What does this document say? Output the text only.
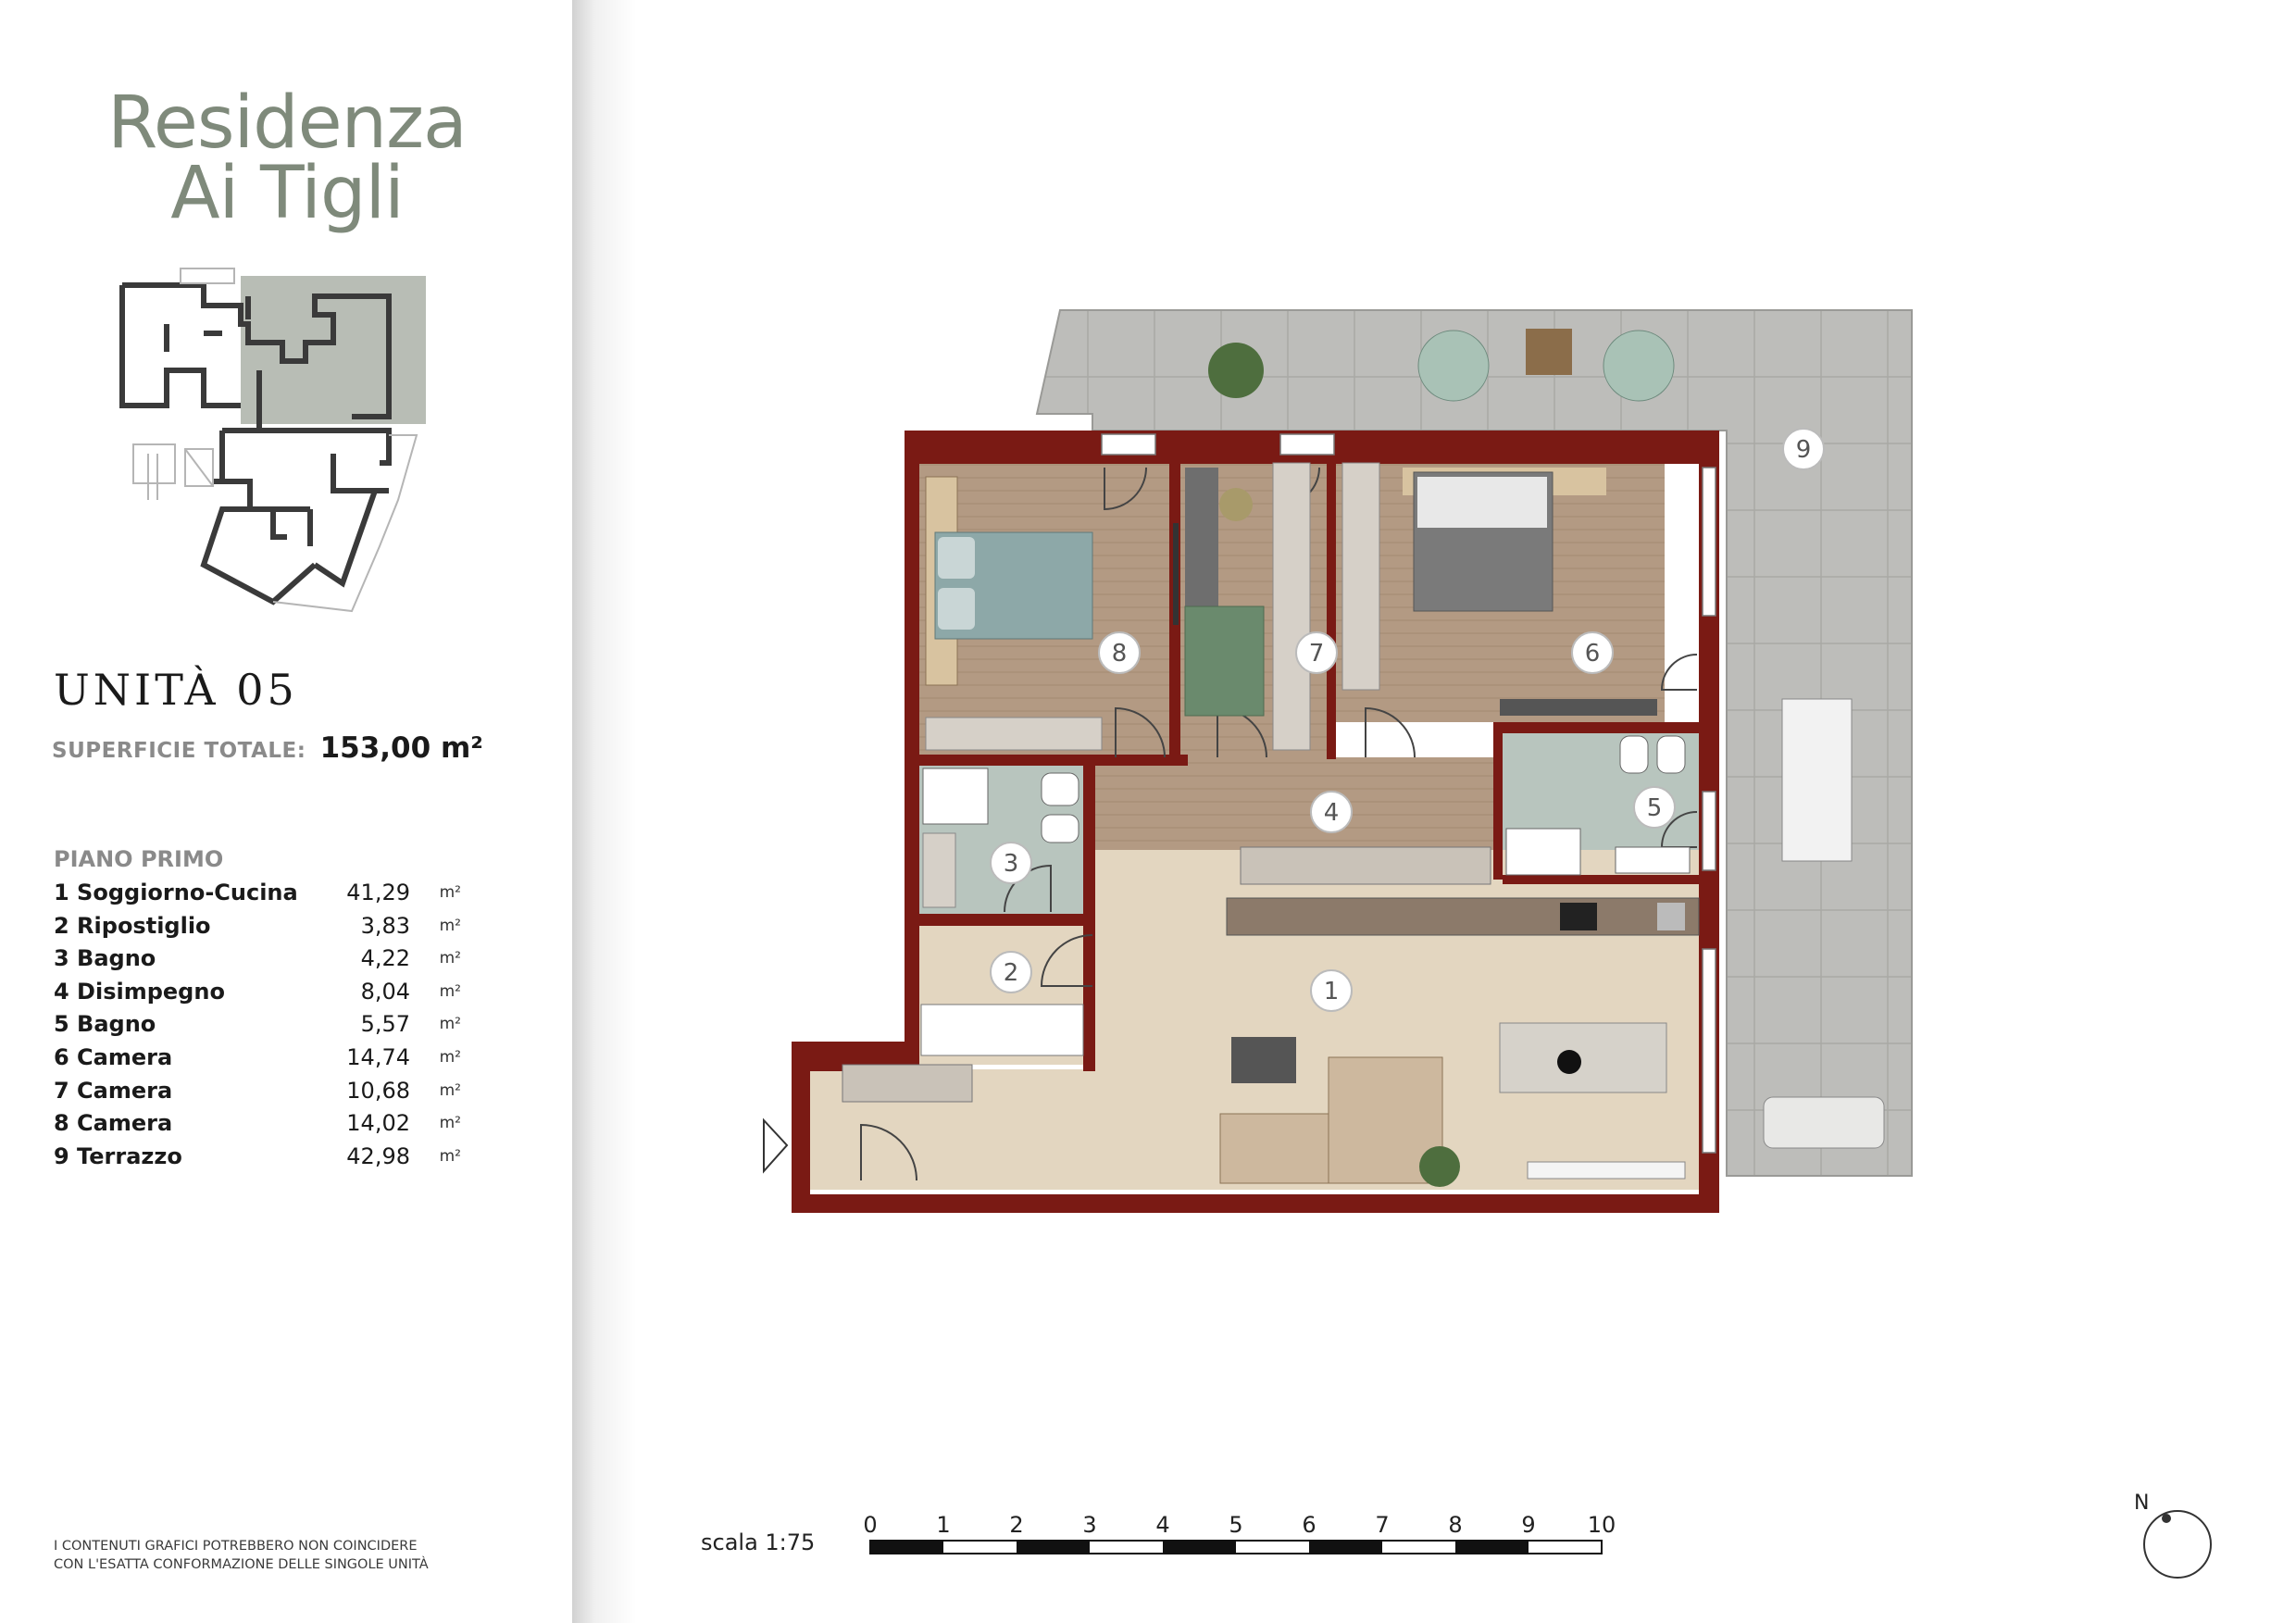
Residenza
Ai Tigli
UNITÀ 05
SUPERFICIE TOTALE: 153,00 m²
PIANO PRIMO
1 Soggiorno-Cucina 41,29 m²
2 Ripostiglio	3,83 m²
3 Bagno	4,22 m²
4 Disimpegno	8,04 m²
5 Bagno	5,57 m²
6 Camera	14,74 m²
7 Camera	10,68 m²
8 Camera	14,02 m²
9 Terrazzo	42,98 m²
I CONTENUTI GRAFICI POTREBBERO NON COINCIDERE
CON L'ESATTA CONFORMAZIONE DELLE SINGOLE UNITÀ
1
2
3
4	5
6
7
8
9
scala 1:75
0	1	2	3	4	5	6	7	8	9 10
N
